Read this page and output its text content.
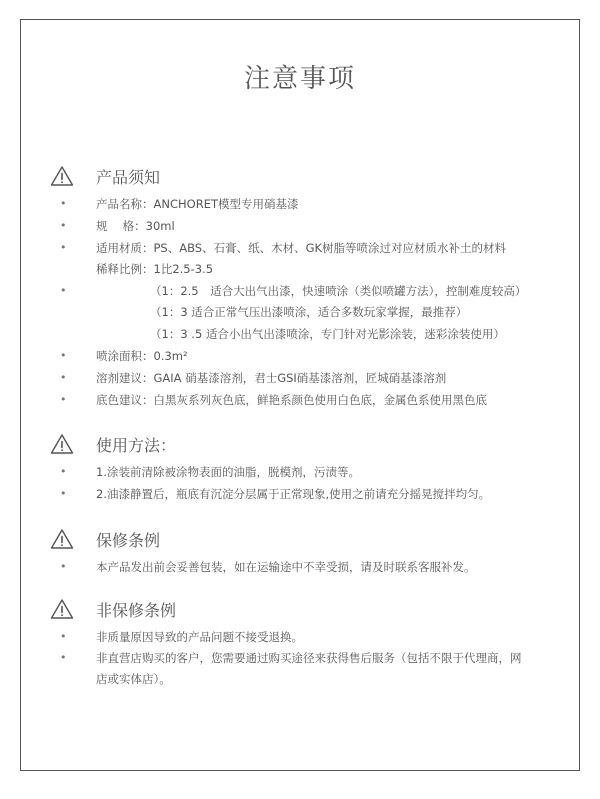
注意事项
产品须知
•	产品名称：ANCHORET模型专用硝基漆
•	规　 格：30ml
•	适用材质：PS、ABS、石膏、纸、木材、GK树脂等喷涂过对应材质水补土的材料
稀释比例：1比2.5-3.5
•	（1：2.5　适合大出气出漆，快速喷涂（类似喷罐方法），控制难度较高）
（1：3 适合正常气压出漆喷涂，适合多数玩家掌握，最推荐）
（1：3 .5 适合小出气出漆喷涂，专门针对光影涂装，迷彩涂装使用）
•	喷涂面积：0.3m²
•	溶剂建议：GAIA 硝基漆溶剂，君士GSI硝基漆溶剂，匠城硝基漆溶剂
•	底色建议：白黑灰系列灰色底，鲜艳系颜色使用白色底，金属色系使用黑色底
使用方法：
•	1.涂装前清除被涂物表面的油脂，脱模剂，污渍等。
•	2.油漆静置后，瓶底有沉淀分层属于正常现象,使用之前请充分摇晃搅拌均匀。
保修条例
•	本产品发出前会妥善包装，如在运输途中不幸受损，请及时联系客服补发。
非保修条例
•	非质量原因导致的产品问题不接受退换。
•	非直营店购买的客户，您需要通过购买途径来获得售后服务（包括不限于代理商，网店或实体店）。
